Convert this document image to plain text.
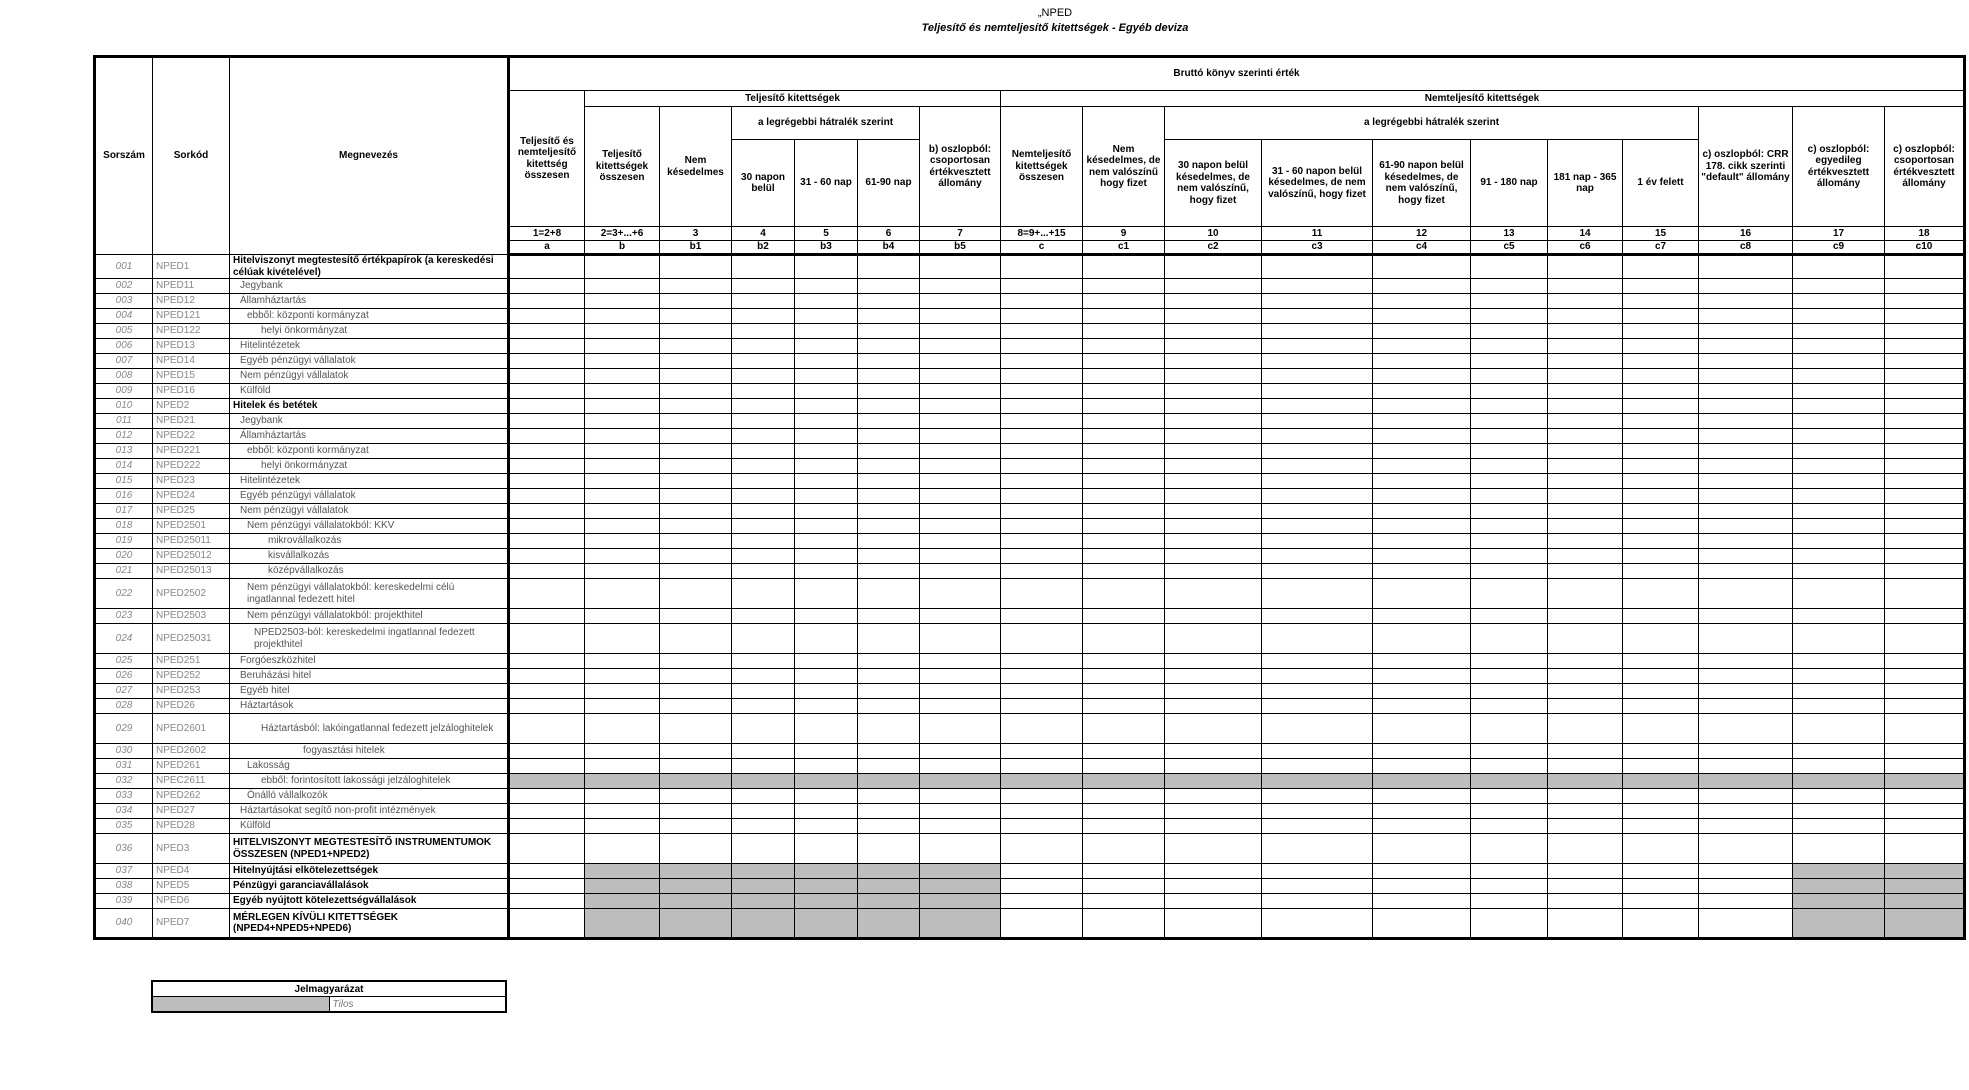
„NPED
Teljesítő és nemteljesítő kitettségek - Egyéb deviza
Sorszám	Sorkód	Megnevezés	Bruttó könyv szerinti érték																	
			Teljesítő és nemteljesítő kitettség összesen	Teljesítő kitettségek						Nemteljesítő kitettségek										
				Teljesítő kitettségek összesen	Nem késedelmes	a legrégebbi hátralék szerint			b) oszlopból: csoportosan értékvesztett állomány	Nemteljesítő kitettségek összesen	Nem késedelmes, de nem valószínű hogy fizet	a legrégebbi hátralék szerint						c) oszlopból: CRR 178. cikk szerinti "default" állomány	c) oszlopból: egyedileg értékvesztett állomány	c) oszlopból: csoportosan értékvesztett állomány
						30 napon belül	31 - 60 nap	61-90 nap				30 napon belül késedelmes, de nem valószínű, hogy fizet	31 - 60 napon belül késedelmes, de nem valószínű, hogy fizet	61-90 napon belül késedelmes, de nem valószínű, hogy fizet	91 - 180 nap	181 nap - 365 nap	1 év felett			
			1=2+8	2=3+...+6	3	4	5	6	7	8=9+...+15	9	10	11	12	13	14	15	16	17	18
			a	b	b1	b2	b3	b4	b5	c	c1	c2	c3	c4	c5	c6	c7	c8	c9	c10
001	NPED1	Hitelviszonyt megtestesítő értékpapírok (a kereskedési célúak kivételével)																		
002	NPED11	Jegybank																		
003	NPED12	Államháztartás																		
004	NPED121	ebből: központi kormányzat																		
005	NPED122	helyi önkormányzat																		
006	NPED13	Hitelintézetek																		
007	NPED14	Egyéb pénzügyi vállalatok																		
008	NPED15	Nem pénzügyi vállalatok																		
009	NPED16	Külföld																		
010	NPED2	Hitelek és betétek																		
011	NPED21	Jegybank																		
012	NPED22	Államháztartás																		
013	NPED221	ebből: központi kormányzat																		
014	NPED222	helyi önkormányzat																		
015	NPED23	Hitelintézetek																		
016	NPED24	Egyéb pénzügyi vállalatok																		
017	NPED25	Nem pénzügyi vállalatok																		
018	NPED2501	Nem pénzügyi vállalatokból: KKV																		
019	NPED25011	mikrovállalkozás																		
020	NPED25012	kisvállalkozás																		
021	NPED25013	középvállalkozás																		
022	NPED2502	Nem pénzügyi vállalatokból: kereskedelmi célú ingatlannal fedezett hitel																		
023	NPED2503	Nem pénzügyi vállalatokból: projekthitel																		
024	NPED25031	NPED2503-ból: kereskedelmi ingatlannal fedezett projekthitel																		
025	NPED251	Forgóeszközhitel																		
026	NPED252	Beruházási hitel																		
027	NPED253	Egyéb hitel																		
028	NPED26	Háztartások																		
029	NPED2601	Háztartásból: lakóingatlannal fedezett jelzáloghitelek																		
030	NPED2602	fogyasztási hitelek																		
031	NPED261	Lakosság																		
032	NPEC2611	ebből: forintosított lakossági jelzáloghitelek																		
033	NPED262	Önálló vállalkozók																		
034	NPED27	Háztartásokat segítő non-profit intézmények																		
035	NPED28	Külföld																		
036	NPED3	HITELVISZONYT MEGTESTESÍTŐ INSTRUMENTUMOK ÖSSZESEN (NPED1+NPED2)																		
037	NPED4	Hitelnyújtási elkötelezettségek																		
038	NPED5	Pénzügyi garanciavállalások																		
039	NPED6	Egyéb nyújtott kötelezettségvállalások																		
040	NPED7	MÉRLEGEN KÍVÜLI KITETTSÉGEK (NPED4+NPED5+NPED6)																		
Jelmagyarázat
	Tilos
